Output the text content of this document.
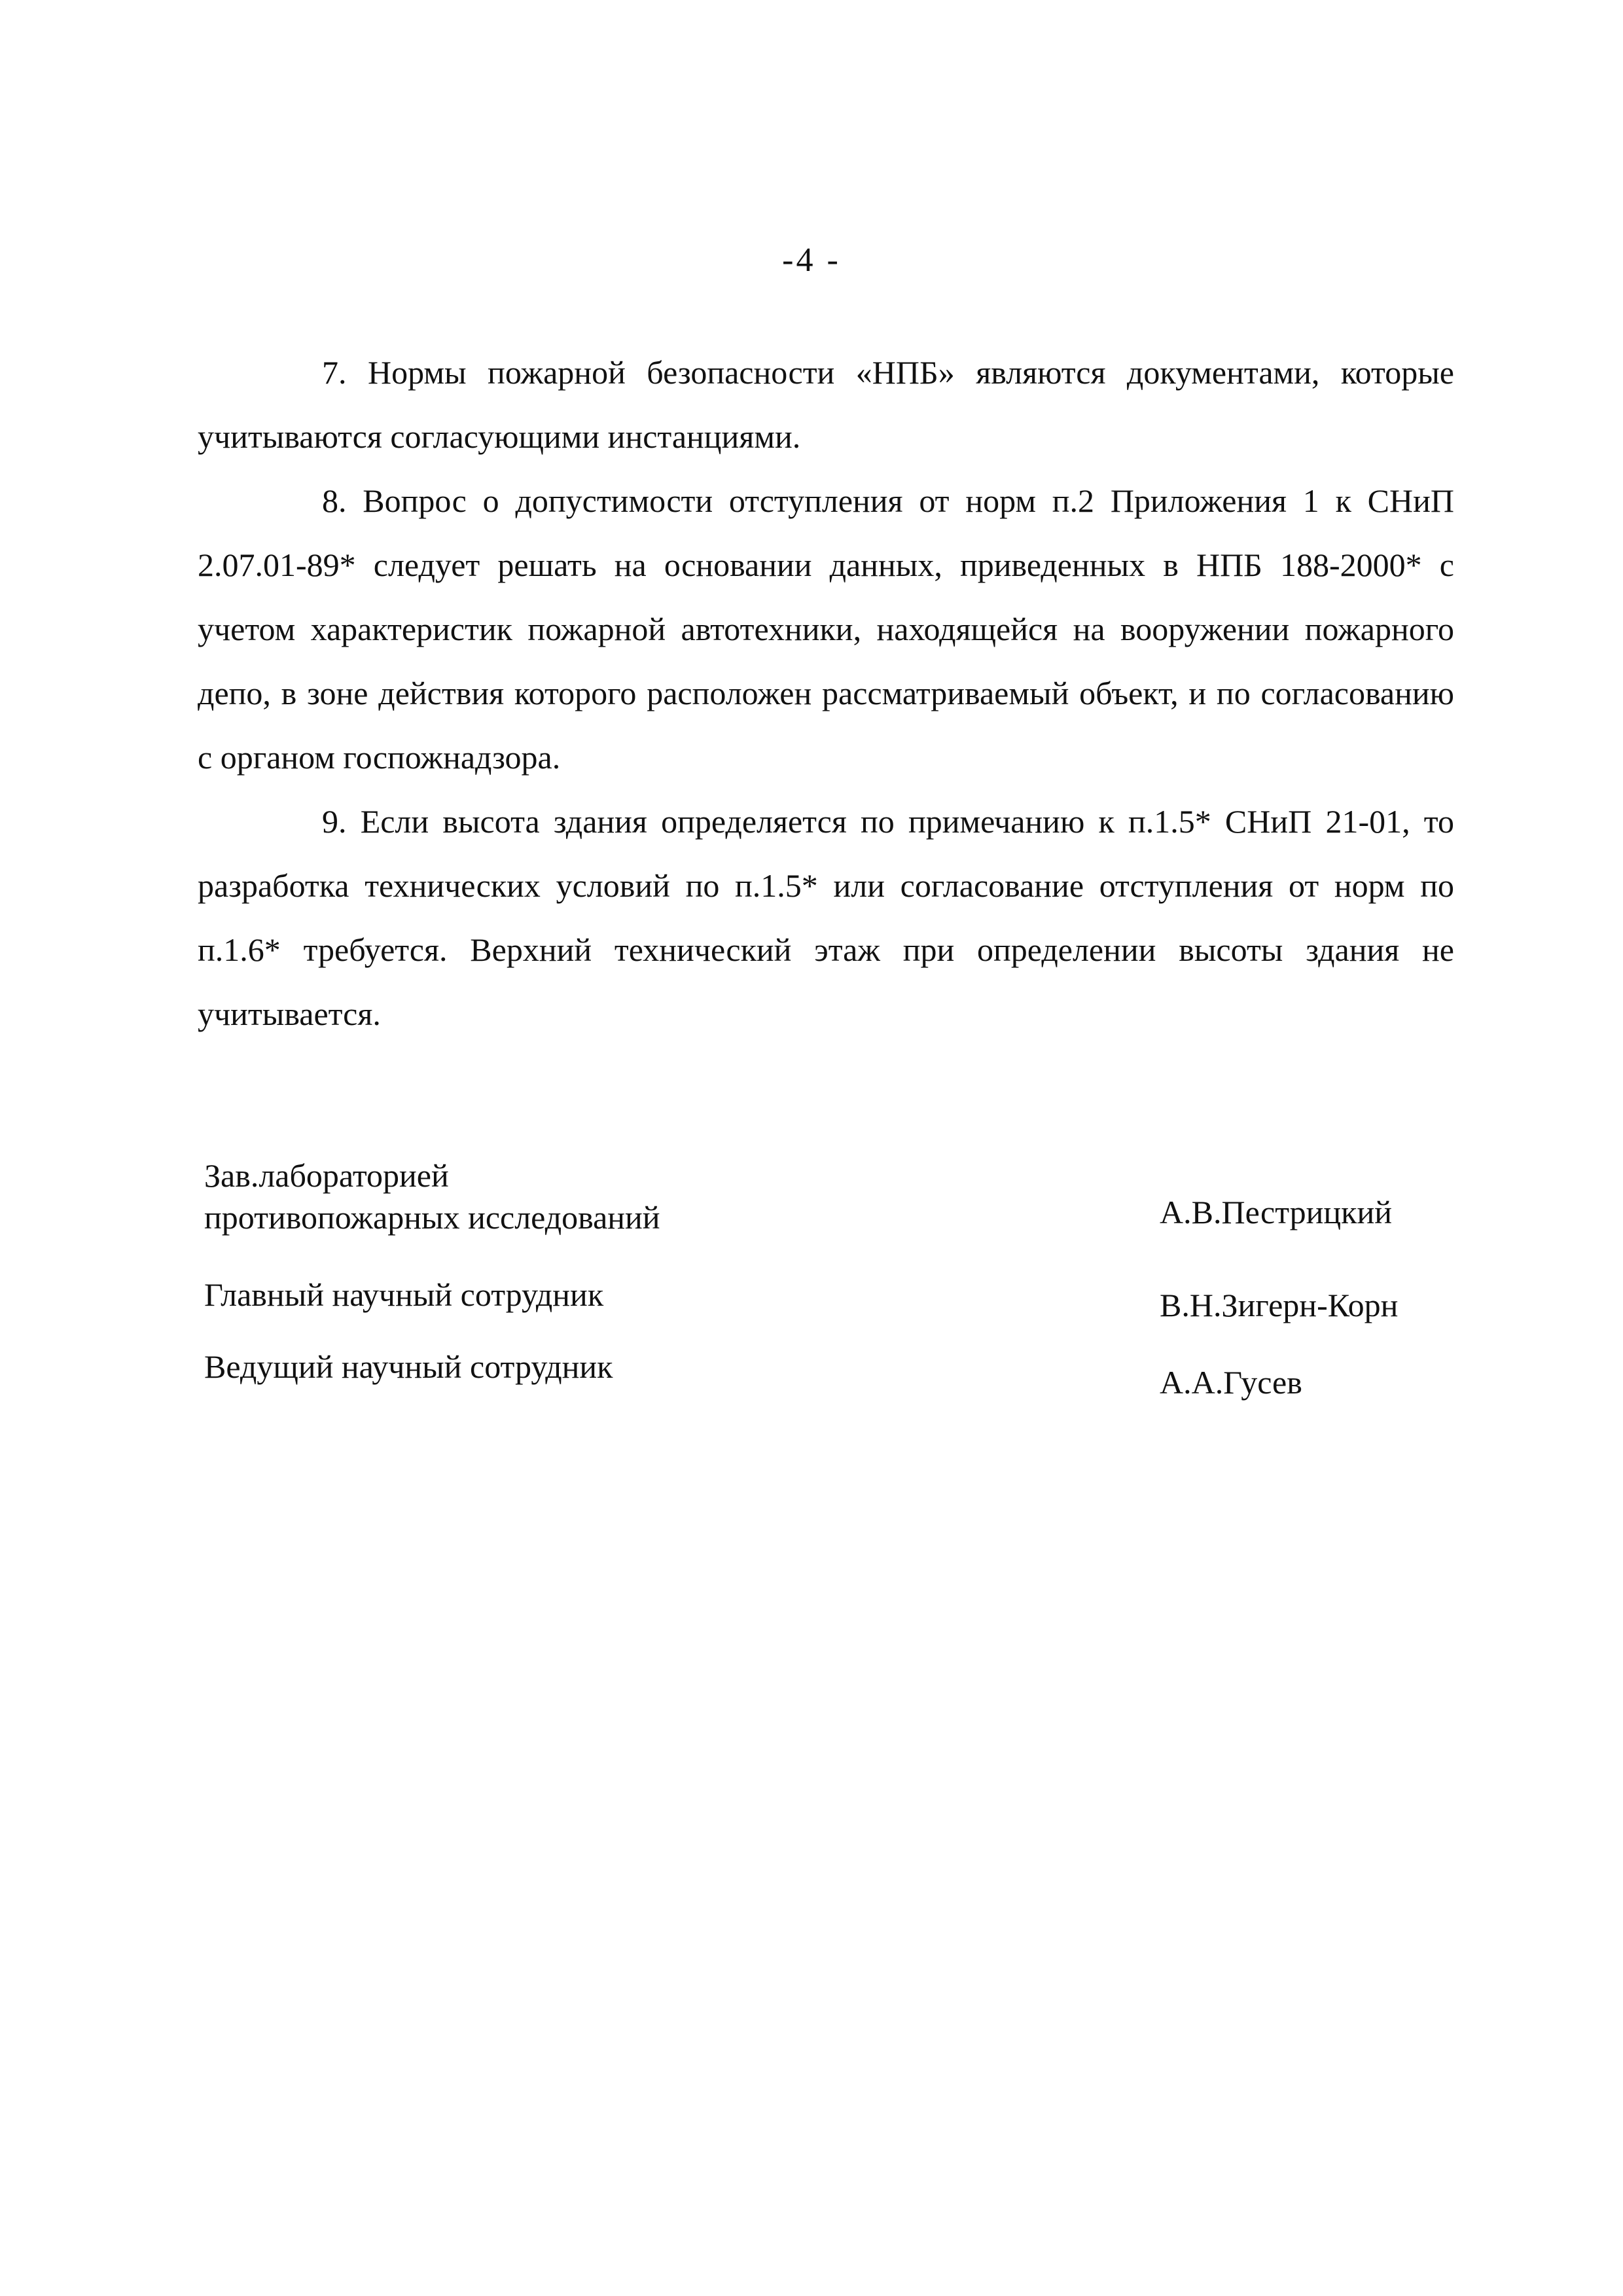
-4 -

7. Нормы пожарной безопасности «НПБ» являются документами, которые учитываются согласующими инстанциями.

8. Вопрос о допустимости отступления от норм п.2 Приложения 1 к СНиП 2.07.01-89* следует решать на основании данных, приведенных в НПБ 188-2000* с учетом характеристик пожарной автотехники, находящейся на вооружении пожарного депо, в зоне действия которого расположен рассматриваемый объект, и по согласованию с органом госпожнадзора.

9. Если высота здания определяется по примечанию к п.1.5* СНиП 21-01, то разработка технических условий по п.1.5* или согласование отступления от норм по п.1.6* требуется. Верхний технический этаж при определении высоты здания не учитывается.

Зав.лабораторией
противопожарных исследований	А.В.Пестрицкий
Главный научный сотрудник	В.Н.Зигерн-Корн
Ведущий научный сотрудник	А.А.Гусев
